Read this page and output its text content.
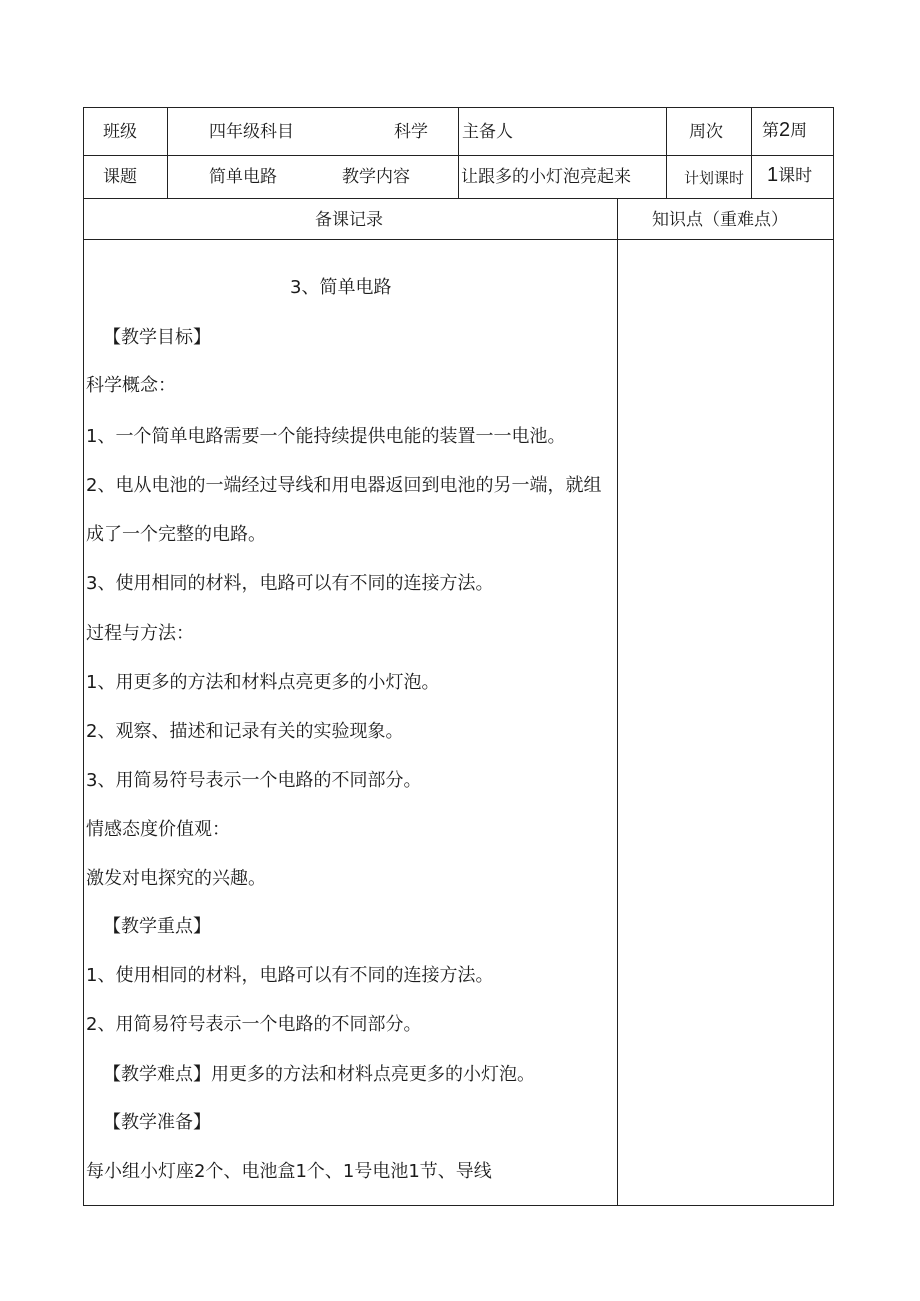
班级	四年级科目	科学 主备人	周次 第2周
课题	简单电路	教学内容	让跟多的小灯泡亮起来	计划课时 1课时
备课记录	知识点（重难点）
3、简单电路
【教学目标】
科学概念：
1、一个简单电路需要一个能持续提供电能的装置一一电池。
2、电从电池的一端经过导线和用电器返回到电池的另一端，就组
成了一个完整的电路。
3、使用相同的材料，电路可以有不同的连接方法。
过程与方法：
1、用更多的方法和材料点亮更多的小灯泡。
2、观察、描述和记录有关的实验现象。
3、用简易符号表示一个电路的不同部分。
情感态度价值观：
激发对电探究的兴趣。
【教学重点】
1、使用相同的材料，电路可以有不同的连接方法。
2、用简易符号表示一个电路的不同部分。
【教学难点】用更多的方法和材料点亮更多的小灯泡。
【教学准备】
每小组小灯座2个、电池盒1个、1号电池1节、导线
